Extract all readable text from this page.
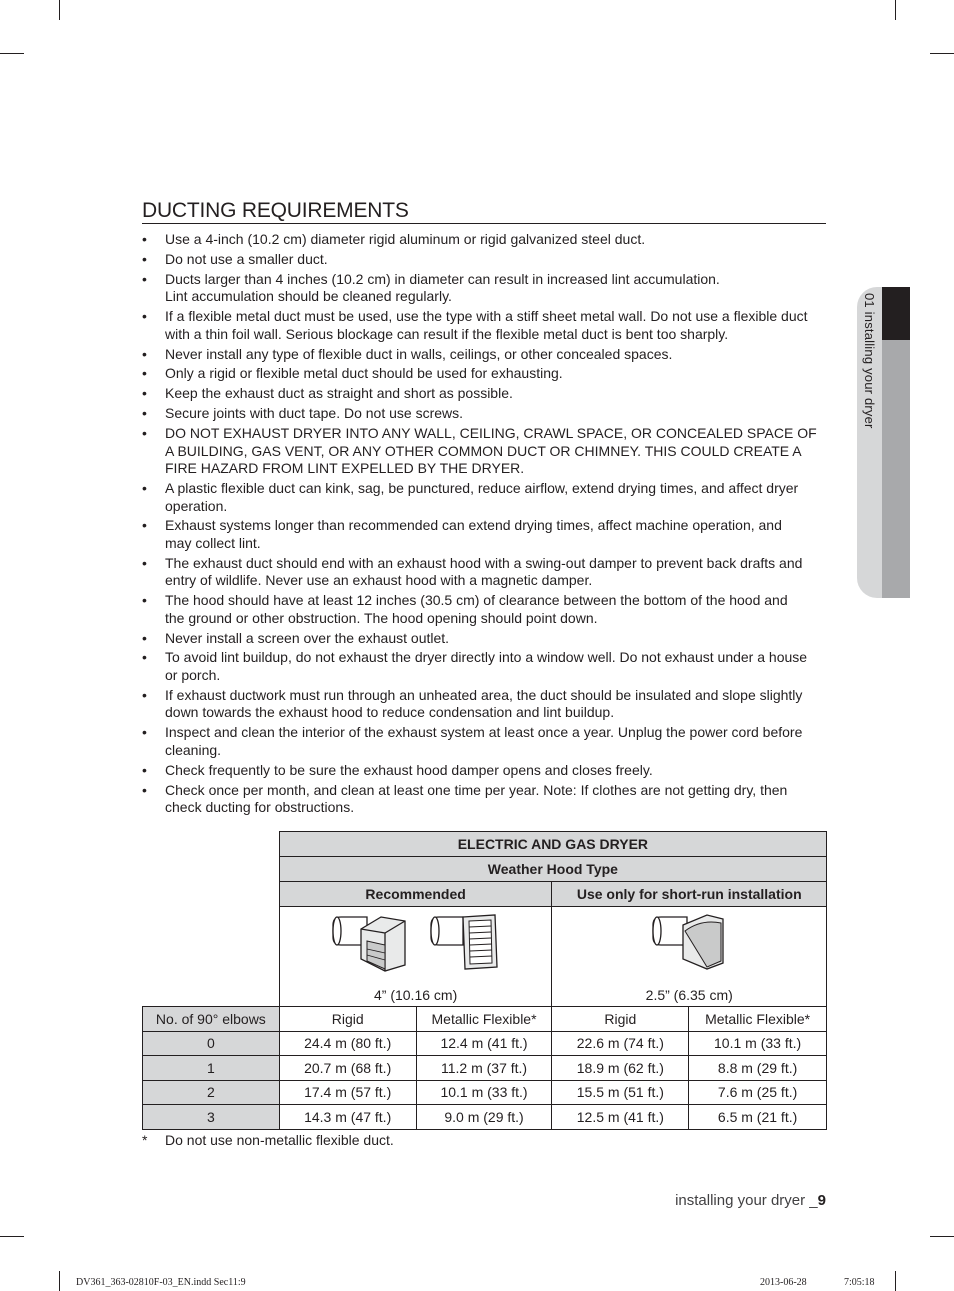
01 installing your dryer
DUCTING REQUIREMENTS
• Use a 4-inch (10.2 cm) diameter rigid aluminum or rigid galvanized steel duct.
• Do not use a smaller duct.
• Ducts larger than 4 inches (10.2 cm) in diameter can result in increased lint accumulation.
Lint accumulation should be cleaned regularly.
• If a flexible metal duct must be used, use the type with a stiff sheet metal wall. Do not use a flexible duct
with a thin foil wall. Serious blockage can result if the flexible metal duct is bent too sharply.
• Never install any type of flexible duct in walls, ceilings, or other concealed spaces.
• Only a rigid or flexible metal duct should be used for exhausting.
• Keep the exhaust duct as straight and short as possible.
• Secure joints with duct tape. Do not use screws.
• DO NOT EXHAUST DRYER INTO ANY WALL, CEILING, CRAWL SPACE, OR CONCEALED SPACE OF
A BUILDING, GAS VENT, OR ANY OTHER COMMON DUCT OR CHIMNEY. THIS COULD CREATE A
FIRE HAZARD FROM LINT EXPELLED BY THE DRYER.
• A plastic flexible duct can kink, sag, be punctured, reduce airflow, extend drying times, and affect dryer
operation.
• Exhaust systems longer than recommended can extend drying times, affect machine operation, and
may collect lint.
• The exhaust duct should end with an exhaust hood with a swing-out damper to prevent back drafts and
entry of wildlife. Never use an exhaust hood with a magnetic damper.
• The hood should have at least 12 inches (30.5 cm) of clearance between the bottom of the hood and
the ground or other obstruction. The hood opening should point down.
• Never install a screen over the exhaust outlet.
• To avoid lint buildup, do not exhaust the dryer directly into a window well. Do not exhaust under a house
or porch.
• If exhaust ductwork must run through an unheated area, the duct should be insulated and slope slightly
down towards the exhaust hood to reduce condensation and lint buildup.
• Inspect and clean the interior of the exhaust system at least once a year. Unplug the power cord before
cleaning.
• Check frequently to be sure the exhaust hood damper opens and closes freely.
• Check once per month, and clean at least one time per year. Note: If clothes are not getting dry, then
check ducting for obstructions.
	ELECTRIC AND GAS DRYER			
	Weather Hood Type			
	Recommended		Use only for short-run installation	

4” (10.16 cm)		2.5” (6.35 cm)	
No. of 90° elbows	Rigid	Metallic Flexible*	Rigid	Metallic Flexible*
0	24.4 m (80 ft.)	12.4 m (41 ft.)	22.6 m (74 ft.)	10.1 m (33 ft.)
1	20.7 m (68 ft.)	11.2 m (37 ft.)	18.9 m (62 ft.)	8.8 m (29 ft.)
2	17.4 m (57 ft.)	10.1 m (33 ft.)	15.5 m (51 ft.)	7.6 m (25 ft.)
3	14.3 m (47 ft.)	9.0 m (29 ft.)	12.5 m (41 ft.)	6.5 m (21 ft.)
* Do not use non-metallic flexible duct.
installing your dryer _9
DV361_363-02810F-03_EN.indd Sec11:9	2013-06-28	7:05:18
